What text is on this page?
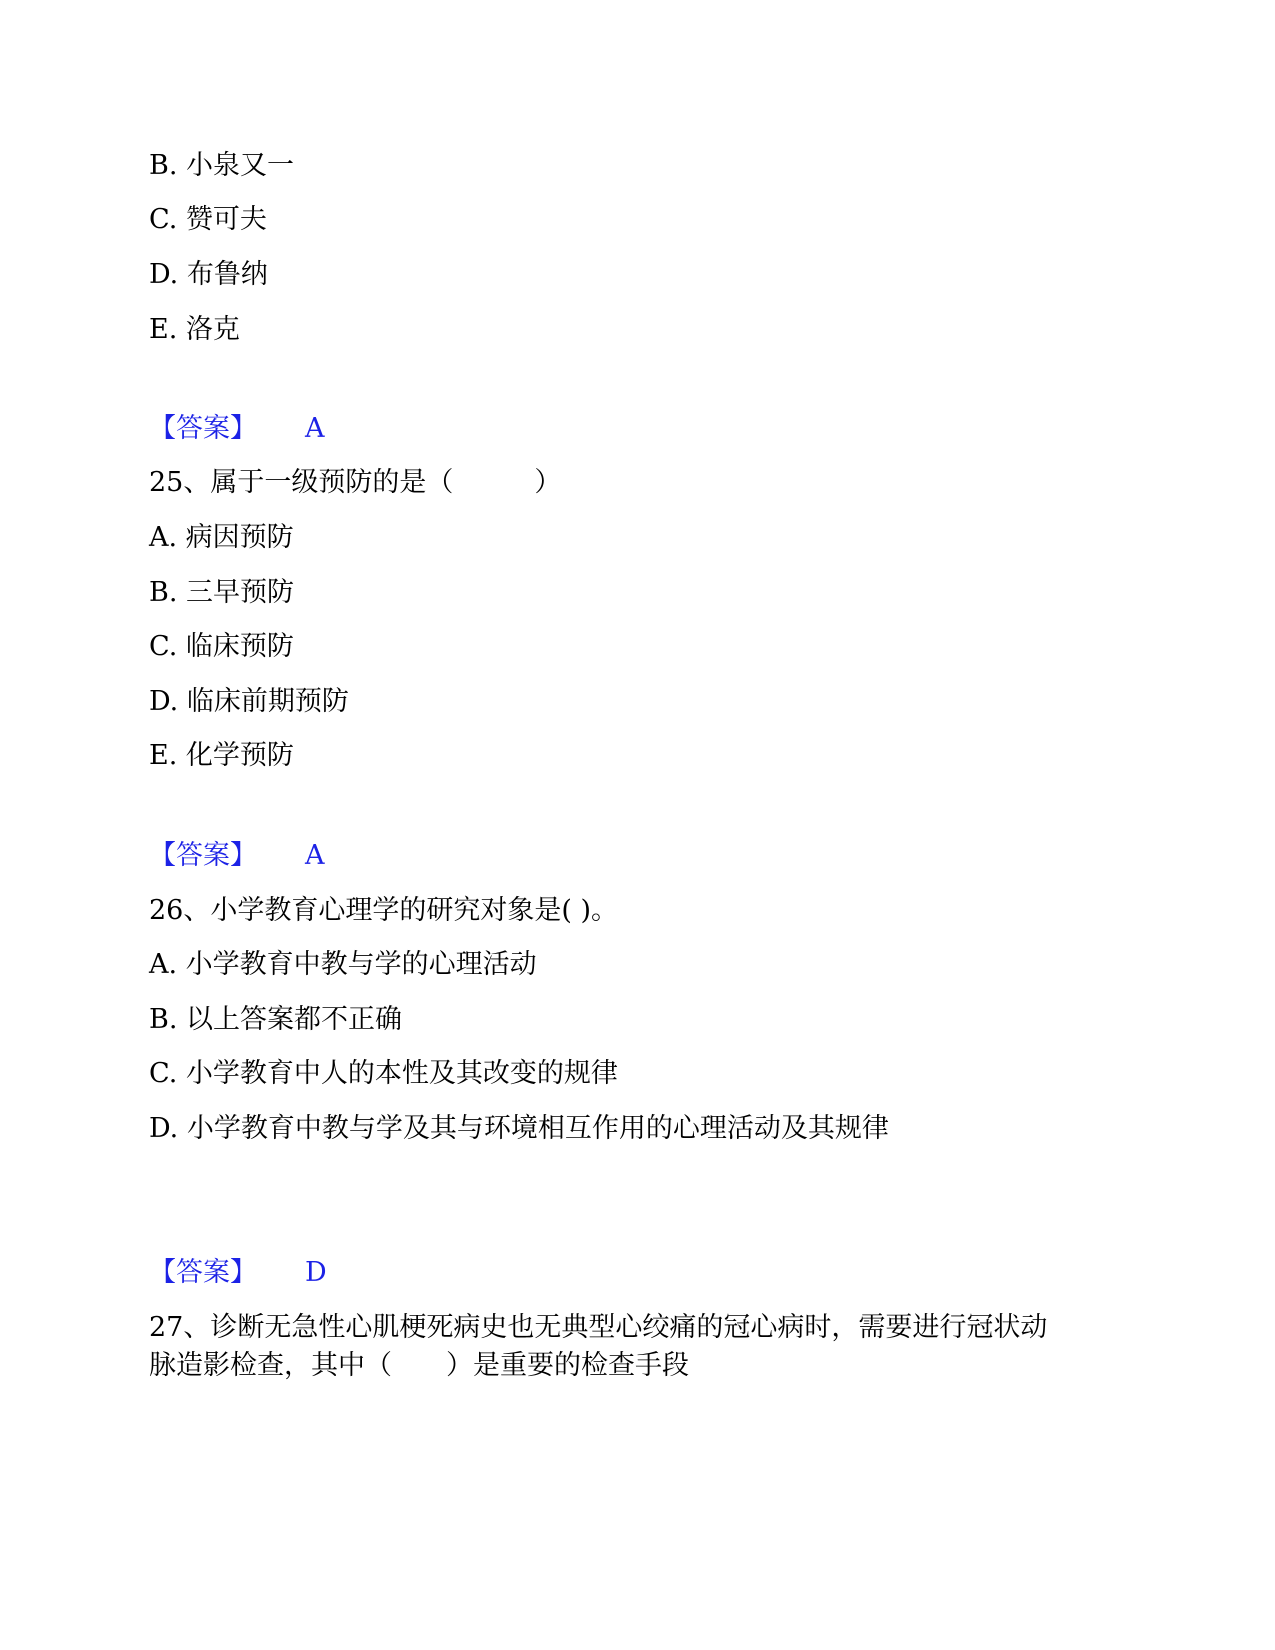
B. 小泉又一
C. 赞可夫
D. 布鲁纳
E. 洛克
【答案】 A
25、属于一级预防的是（　　　）
A. 病因预防
B. 三早预防
C. 临床预防
D. 临床前期预防
E. 化学预防
【答案】 A
26、小学教育心理学的研究对象是( )。
A. 小学教育中教与学的心理活动
B. 以上答案都不正确
C. 小学教育中人的本性及其改变的规律
D. 小学教育中教与学及其与环境相互作用的心理活动及其规律
【答案】 D
27、诊断无急性心肌梗死病史也无典型心绞痛的冠心病时，需要进行冠状动
脉造影检查，其中（　　）是重要的检查手段
